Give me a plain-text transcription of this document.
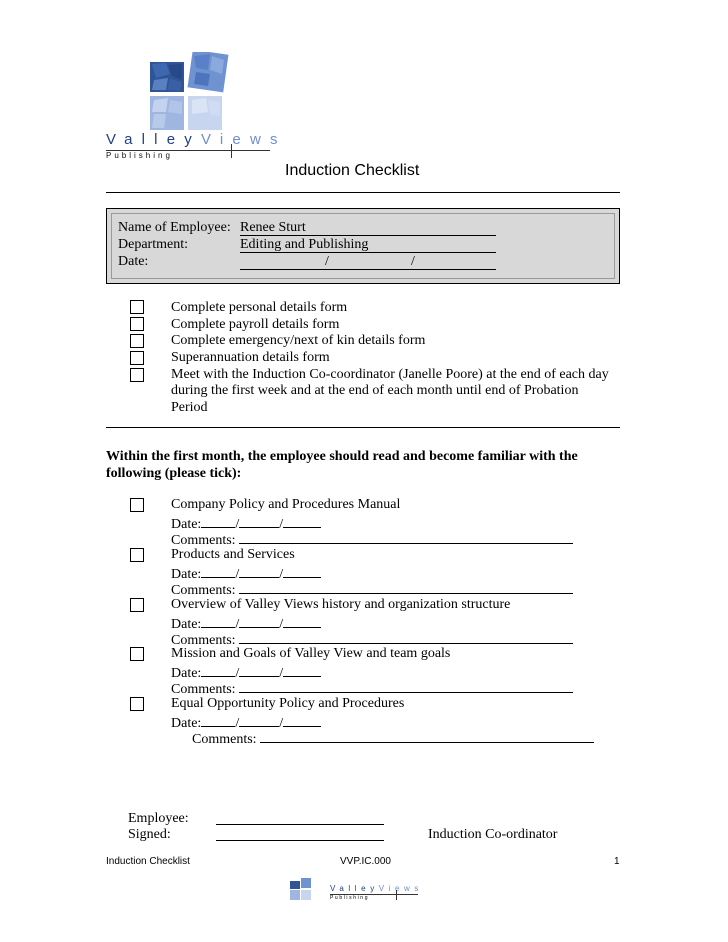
ValleyViews
Publishing
Induction Checklist
Name of Employee: Renee Sturt
Department:	Editing and Publishing
Date:	/	/
Complete personal details form
Complete payroll details form
Complete emergency/next of kin details form
Superannuation details form
Meet with the Induction Co-coordinator (Janelle Poore) at the end of each day
during the first week and at the end of each month until end of Probation
Period
Within the first month, the employee should read and become familiar with the
following (please tick):
Company Policy and Procedures Manual
Date: /	/
Comments:
Products and Services
Date: /	/
Comments:
Overview of Valley Views history and organization structure
Date: /	/
Comments:
Mission and Goals of Valley View and team goals
Date: /	/
Comments:
Equal Opportunity Policy and Procedures
Date: /	/
Comments:
Employee:
Signed:	Induction Co-ordinator
Induction Checklist	VVP.IC.000	1
ValleyViews
Publishing
